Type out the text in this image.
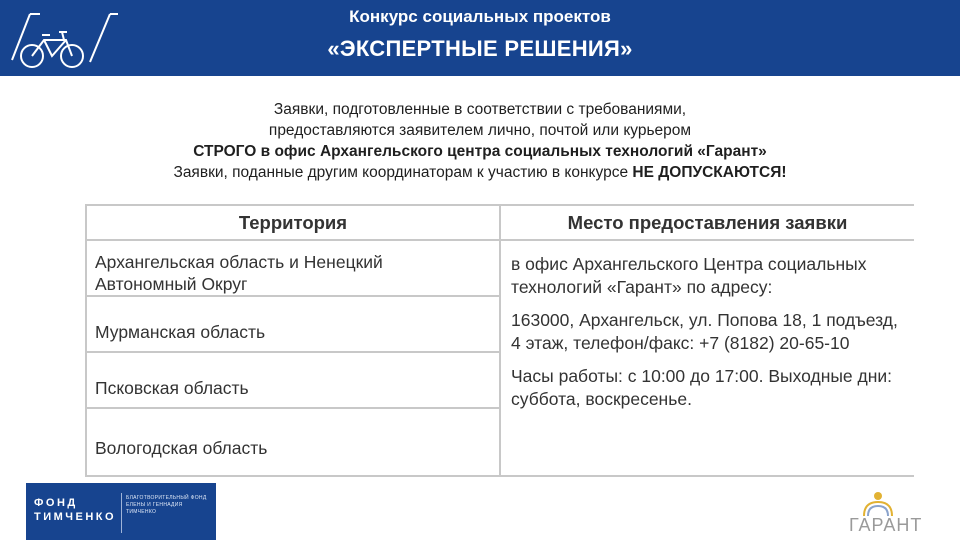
Конкурс социальных проектов
«ЭКСПЕРТНЫЕ РЕШЕНИЯ»
Заявки, подготовленные в соответствии с требованиями,
предоставляются заявителем лично, почтой или курьером
СТРОГО в офис Архангельского центра социальных технологий «Гарант»
Заявки, поданные другим координаторам к участию в конкурсе НЕ ДОПУСКАЮТСЯ!
Территория	Место предоставления заявки
Архангельская область и Ненецкий Автономный Округ	в офис Архангельского Центра социальных технологий «Гарант» по адресу:

163000, Архангельск, ул. Попова 18, 1 подъезд, 4 этаж, телефон/факс: +7 (8182) 20-65-10

Часы работы: с 10:00 до 17:00. Выходные дни: суббота, воскресенье.

Мурманская область	
Псковская область	
Вологодская область	
ФОНД
ТИМЧЕНКО
БЛАГОТВОРИТЕЛЬНЫЙ ФОНД ЕЛЕНЫ И ГЕННАДИЯ ТИМЧЕНКО
ГАРАНТ
